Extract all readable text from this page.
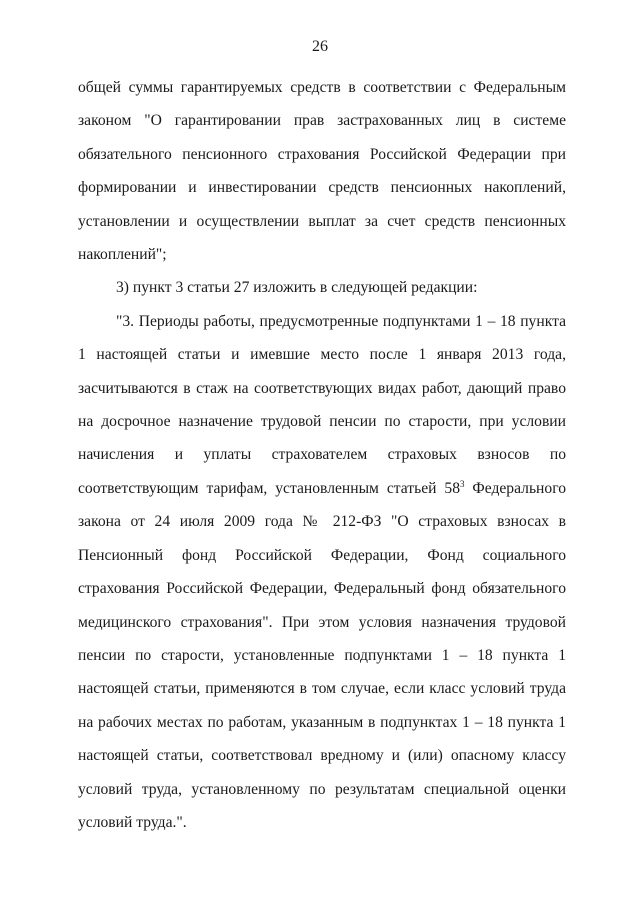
26

общей суммы гарантируемых средств в соответствии с Федеральным законом "О гарантировании прав застрахованных лиц в системе обязательного пенсионного страхования Российской Федерации при формировании и инвестировании средств пенсионных накоплений, установлении и осуществлении выплат за счет средств пенсионных накоплений";

3) пункт 3 статьи 27 изложить в следующей редакции:

"3. Периоды работы, предусмотренные подпунктами 1 – 18 пункта 1 настоящей статьи и имевшие место после 1 января 2013 года, засчитываются в стаж на соответствующих видах работ, дающий право на досрочное назначение трудовой пенсии по старости, при условии начисления и уплаты страхователем страховых взносов по соответствующим тарифам, установленным статьей $58^3$ Федерального закона от 24 июля 2009 года № 212-ФЗ "О страховых взносах в Пенсионный фонд Российской Федерации, Фонд социального страхования Российской Федерации, Федеральный фонд обязательного медицинского страхования". При этом условия назначения трудовой пенсии по старости, установленные подпунктами 1 – 18 пункта 1 настоящей статьи, применяются в том случае, если класс условий труда на рабочих местах по работам, указанным в подпунктах 1 – 18 пункта 1 настоящей статьи, соответствовал вредному и (или) опасному классу условий труда, установленному по результатам специальной оценки условий труда.".
